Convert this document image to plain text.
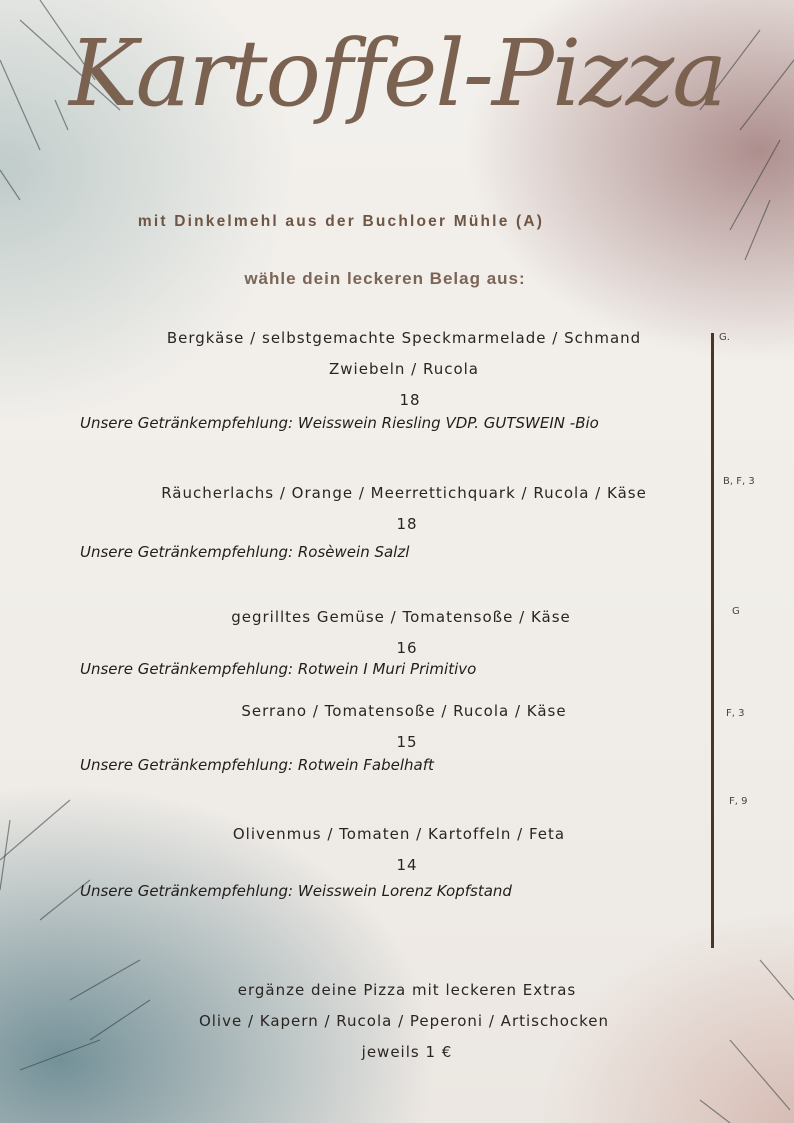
Kartoffel-Pizza
mit Dinkelmehl aus der Buchloer Mühle (A)
wähle dein leckeren Belag aus:
Bergkäse / selbstgemachte Speckmarmelade / Schmand
Zwiebeln / Rucola
18
Unsere Getränkempfehlung: Weisswein Riesling VDP. GUTSWEIN -Bio
G.
Räucherlachs / Orange / Meerrettichquark / Rucola / Käse
18
Unsere Getränkempfehlung: Rosèwein Salzl
B, F, 3
gegrilltes Gemüse / Tomatensoße / Käse
16
Unsere Getränkempfehlung: Rotwein I Muri Primitivo
G
Serrano / Tomatensoße / Rucola / Käse
15
Unsere Getränkempfehlung: Rotwein Fabelhaft
F, 3
Olivenmus / Tomaten / Kartoffeln / Feta
14
Unsere Getränkempfehlung: Weisswein Lorenz Kopfstand
F, 9
ergänze deine Pizza mit leckeren Extras
Olive / Kapern / Rucola / Peperoni / Artischocken
jeweils 1 €
